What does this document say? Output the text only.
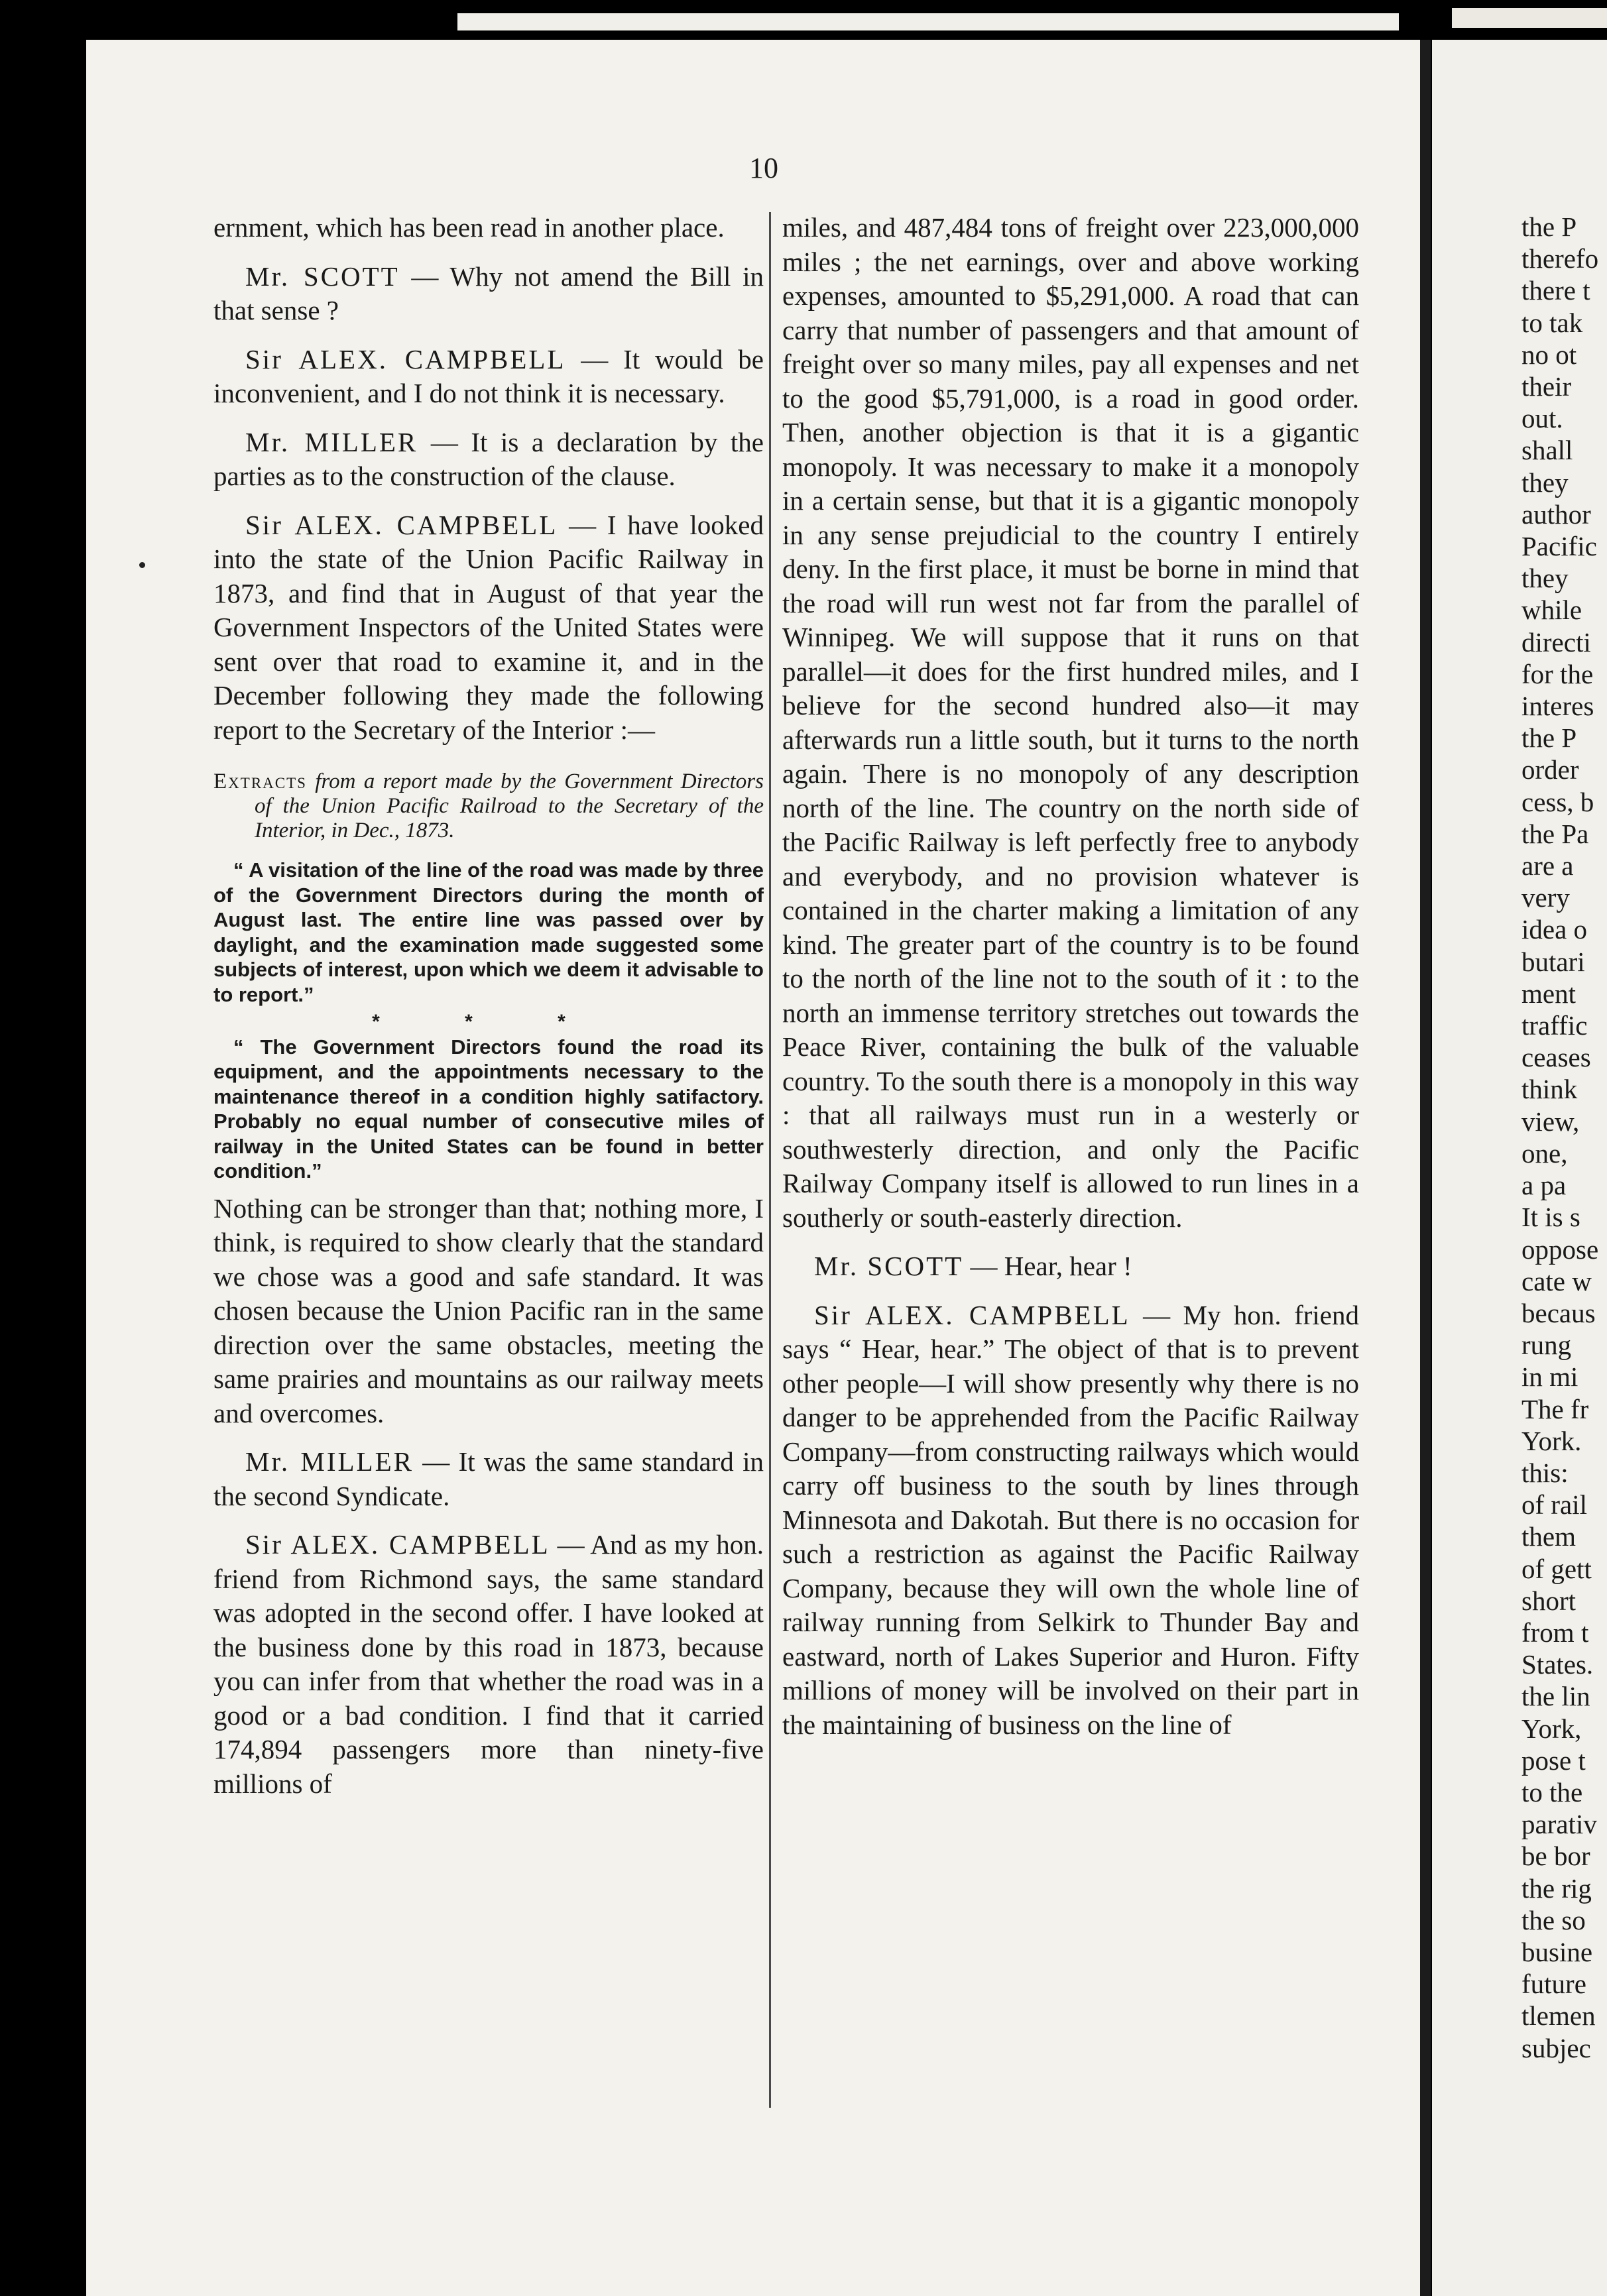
10

ernment, which has been read in another place.

Mr. SCOTT — Why not amend the Bill in that sense ?

Sir ALEX. CAMPBELL — It would be inconvenient, and I do not think it is necessary.

Mr. MILLER — It is a declaration by the parties as to the construction of the clause.

Sir ALEX. CAMPBELL — I have looked into the state of the Union Pacific Railway in 1873, and find that in August of that year the Government Inspectors of the United States were sent over that road to examine it, and in the December following they made the following report to the Secretary of the Interior :—

Extracts from a report made by the Government Directors of the Union Pacific Railroad to the Secretary of the Interior, in Dec., 1873.

“ A visitation of the line of the road was made by three of the Government Directors during the month of August last. The entire line was passed over by daylight, and the examination made suggested some subjects of interest, upon which we deem it advisable to to report.”

* * *

“ The Government Directors found the road its equipment, and the appointments necessary to the maintenance thereof in a condition highly satifactory. Probably no equal number of consecutive miles of railway in the United States can be found in better condition.”

Nothing can be stronger than that; nothing more, I think, is required to show clearly that the standard we chose was a good and safe standard. It was chosen because the Union Pacific ran in the same direction over the same obstacles, meeting the same prairies and mountains as our railway meets and overcomes.

Mr. MILLER — It was the same standard in the second Syndicate.

Sir ALEX. CAMPBELL — And as my hon. friend from Richmond says, the same standard was adopted in the second offer. I have looked at the business done by this road in 1873, because you can infer from that whether the road was in a good or a bad condition. I find that it carried 174,894 passengers more than ninety-five millions of

miles, and 487,484 tons of freight over 223,000,000 miles ; the net earnings, over and above working expenses, amounted to $5,291,000. A road that can carry that number of passengers and that amount of freight over so many miles, pay all expenses and net to the good $5,791,000, is a road in good order. Then, another objection is that it is a gigantic monopoly. It was necessary to make it a monopoly in a certain sense, but that it is a gigantic monopoly in any sense prejudicial to the country I entirely deny. In the first place, it must be borne in mind that the road will run west not far from the parallel of Winnipeg. We will suppose that it runs on that parallel—it does for the first hundred miles, and I believe for the second hundred also—it may afterwards run a little south, but it turns to the north again. There is no monopoly of any description north of the line. The country on the north side of the Pacific Railway is left perfectly free to anybody and everybody, and no provision whatever is contained in the charter making a limitation of any kind. The greater part of the country is to be found to the north of the line not to the south of it : to the north an immense territory stretches out towards the Peace River, containing the bulk of the valuable country. To the south there is a monopoly in this way : that all railways must run in a westerly or southwesterly direction, and only the Pacific Railway Company itself is allowed to run lines in a southerly or south-easterly direction.

Mr. SCOTT — Hear, hear !

Sir ALEX. CAMPBELL — My hon. friend says “ Hear, hear.” The object of that is to prevent other people—I will show presently why there is no danger to be apprehended from the Pacific Railway Company—from constructing railways which would carry off business to the south by lines through Minnesota and Dakotah. But there is no occasion for such a restriction as against the Pacific Railway Company, because they will own the whole line of railway running from Selkirk to Thunder Bay and eastward, north of Lakes Superior and Huron. Fifty millions of money will be involved on their part in the maintaining of business on the line of

the P
therefo
there t
to tak
no ot
their
out.
shall
they
author
Pacific
they
while
directi
for the
interes
the P
order
cess, b
the Pa
are a
very
idea o
butari
ment
traffic
ceases
think
view,
one,
a pa
It is s
oppose
cate w
becaus
rung
in mi
The fr
York.
this:
of rail
them
of gett
short
from t
States.
the lin
York,
pose t
to the
parativ
be bor
the rig
the so
busine
future
tlemen
subjec
